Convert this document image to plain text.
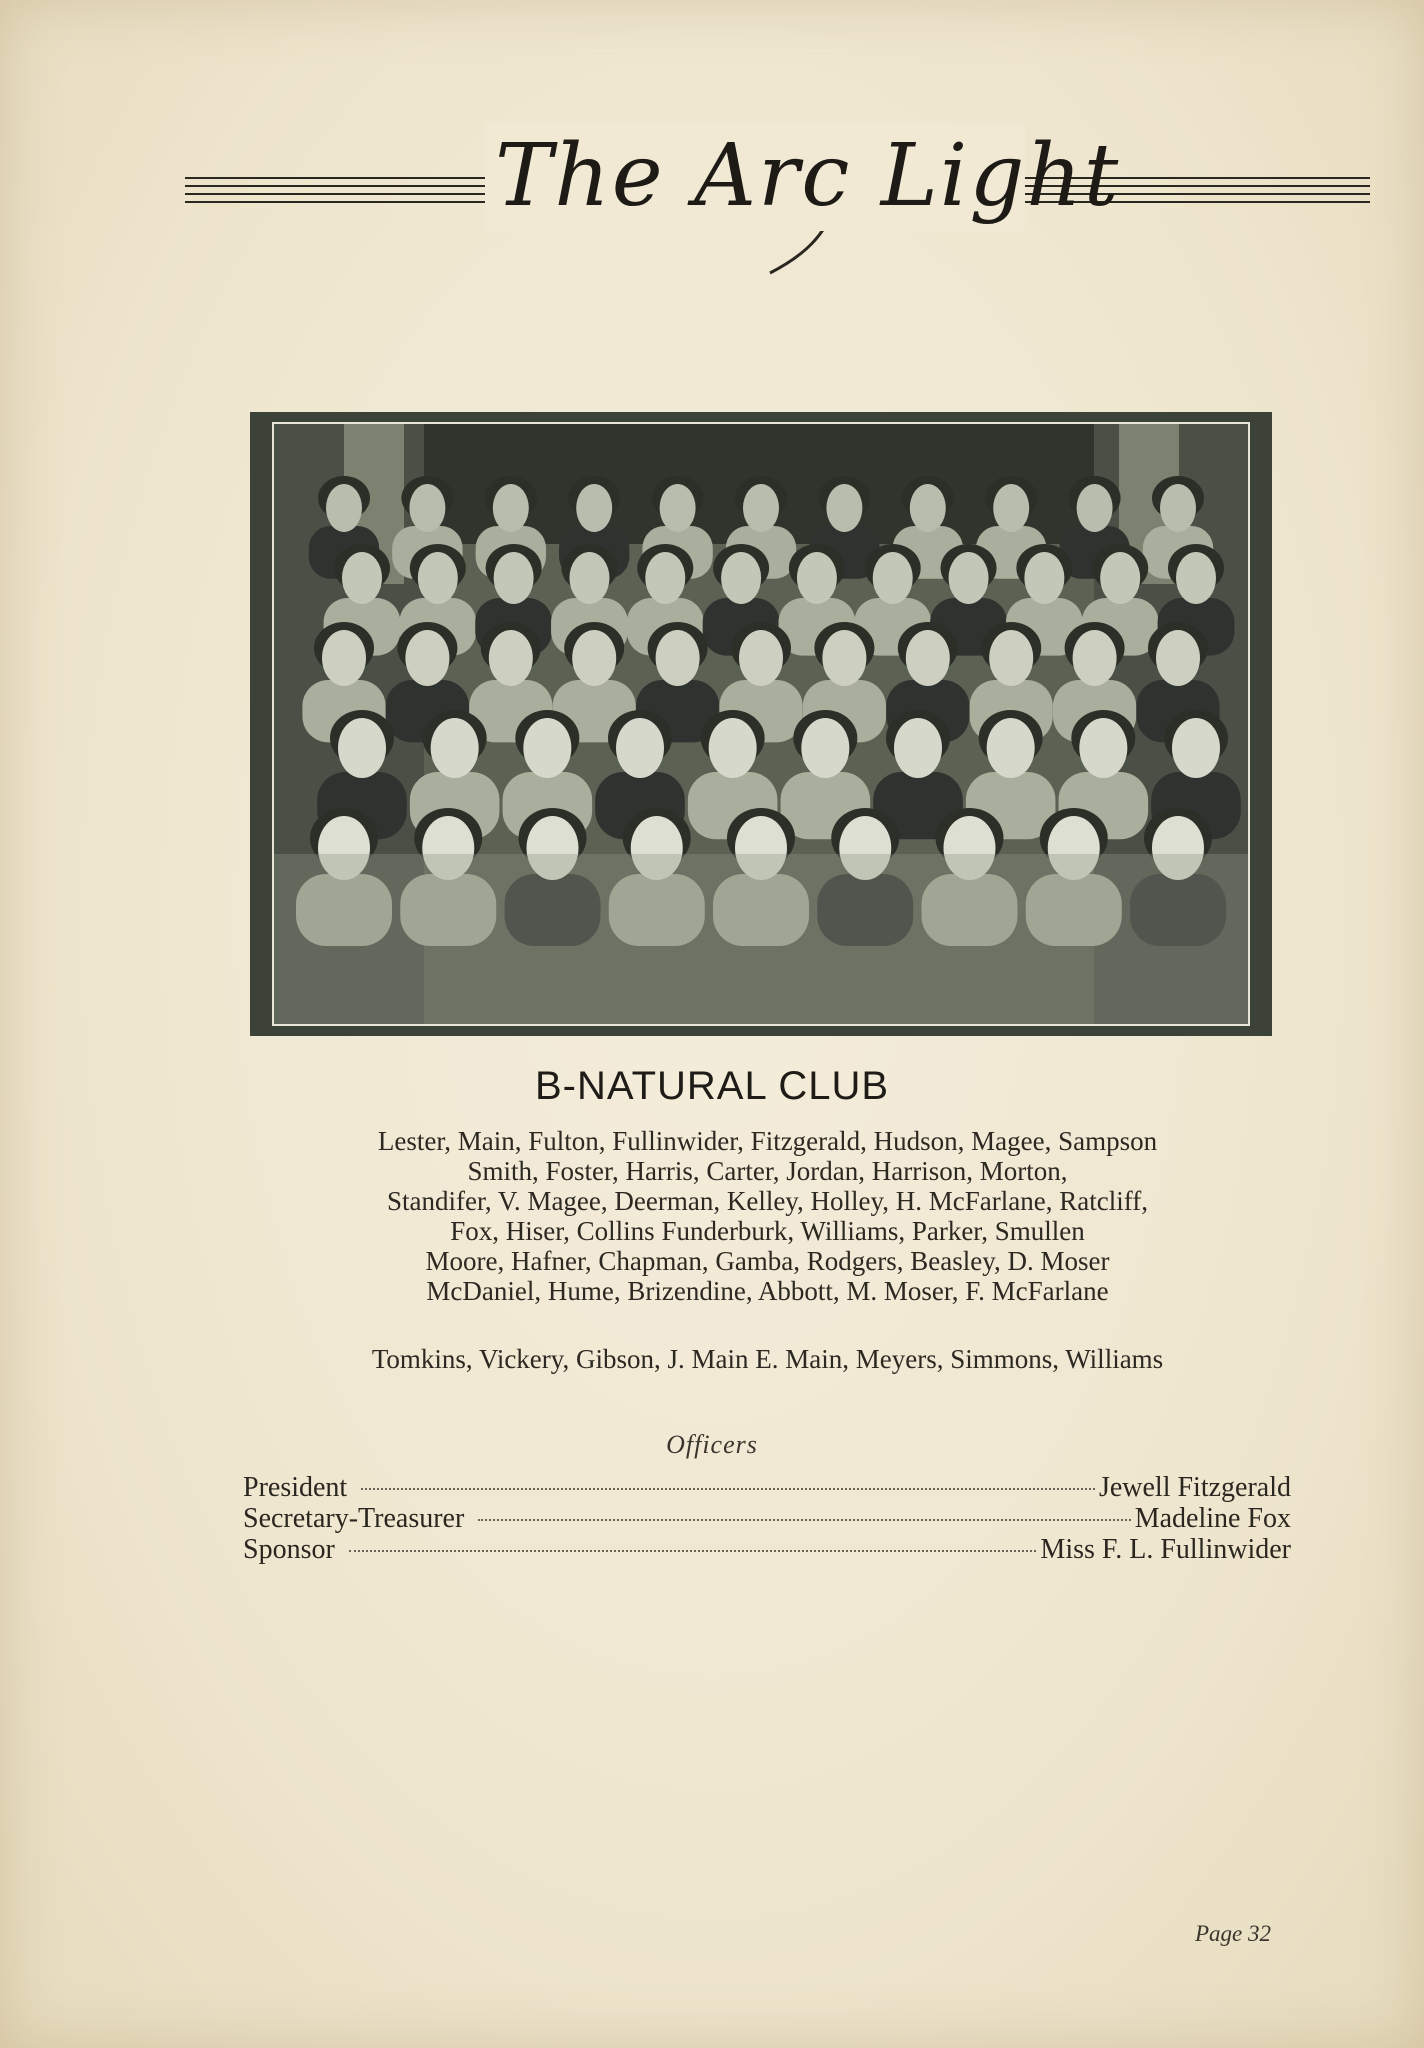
The Arc Light
B-NATURAL CLUB

Lester, Main, Fulton, Fullinwider, Fitzgerald, Hudson, Magee, Sampson

Smith, Foster, Harris, Carter, Jordan, Harrison, Morton,

Standifer, V. Magee, Deerman, Kelley, Holley, H. McFarlane, Ratcliff,

Fox, Hiser, Collins Funderburk, Williams, Parker, Smullen

Moore, Hafner, Chapman, Gamba, Rodgers, Beasley, D. Moser

McDaniel, Hume, Brizendine, Abbott, M. Moser, F. McFarlane

Tomkins, Vickery, Gibson, J. Main E. Main, Meyers, Simmons, Williams

Officers
President	Jewell Fitzgerald
Secretary-Treasurer	Madeline Fox
Sponsor	Miss F. L. Fullinwider
Page 32
